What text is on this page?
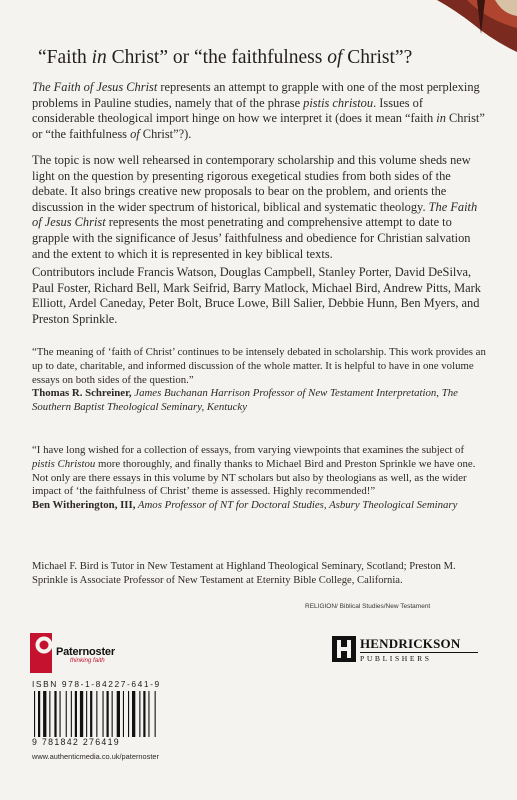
“Faith in Christ” or “the faithfulness of Christ”?
The Faith of Jesus Christ represents an attempt to grapple with one of the most perplexing problems in Pauline studies, namely that of the phrase pistis christou. Issues of considerable theological import hinge on how we interpret it (does it mean “faith in Christ” or “the faithfulness of Christ”?).
The topic is now well rehearsed in contemporary scholarship and this volume sheds new light on the question by presenting rigorous exegetical studies from both sides of the debate. It also brings creative new proposals to bear on the problem, and orients the discussion in the wider spectrum of historical, biblical and systematic theology. The Faith of Jesus Christ represents the most penetrating and comprehensive attempt to date to grapple with the significance of Jesus’ faithfulness and obedience for Christian salvation and the extent to which it is represented in key biblical texts.
Contributors include Francis Watson, Douglas Campbell, Stanley Porter, David DeSilva, Paul Foster, Richard Bell, Mark Seifrid, Barry Matlock, Michael Bird, Andrew Pitts, Mark Elliott, Ardel Caneday, Peter Bolt, Bruce Lowe, Bill Salier, Debbie Hunn, Ben Myers, and Preston Sprinkle.
“The meaning of ‘faith of Christ’ continues to be intensely debated in scholarship. This work provides an up to date, charitable, and informed discussion of the whole matter. It is helpful to have in one volume essays on both sides of the question.”
Thomas R. Schreiner, James Buchanan Harrison Professor of New Testament Interpretation, The Southern Baptist Theological Seminary, Kentucky
“I have long wished for a collection of essays, from varying viewpoints that examines the subject of pistis Christou more thoroughly, and finally thanks to Michael Bird and Preston Sprinkle we have one. Not only are there essays in this volume by NT scholars but also by theologians as well, as the wider impact of ‘the faithfulness of Christ’ theme is assessed. Highly recommended!”
Ben Witherington, III, Amos Professor of NT for Doctoral Studies, Asbury Theological Seminary
Michael F. Bird is Tutor in New Testament at Highland Theological Seminary, Scotland; Preston M. Sprinkle is Associate Professor of New Testament at Eternity Bible College, California.
RELIGION/ Biblical Studies/New Testament
Paternoster
thinking faith
HENDRICKSON
PUBLISHERS
ISBN 978-1-84227-641-9
9 781842 276419
www.authenticmedia.co.uk/paternoster
